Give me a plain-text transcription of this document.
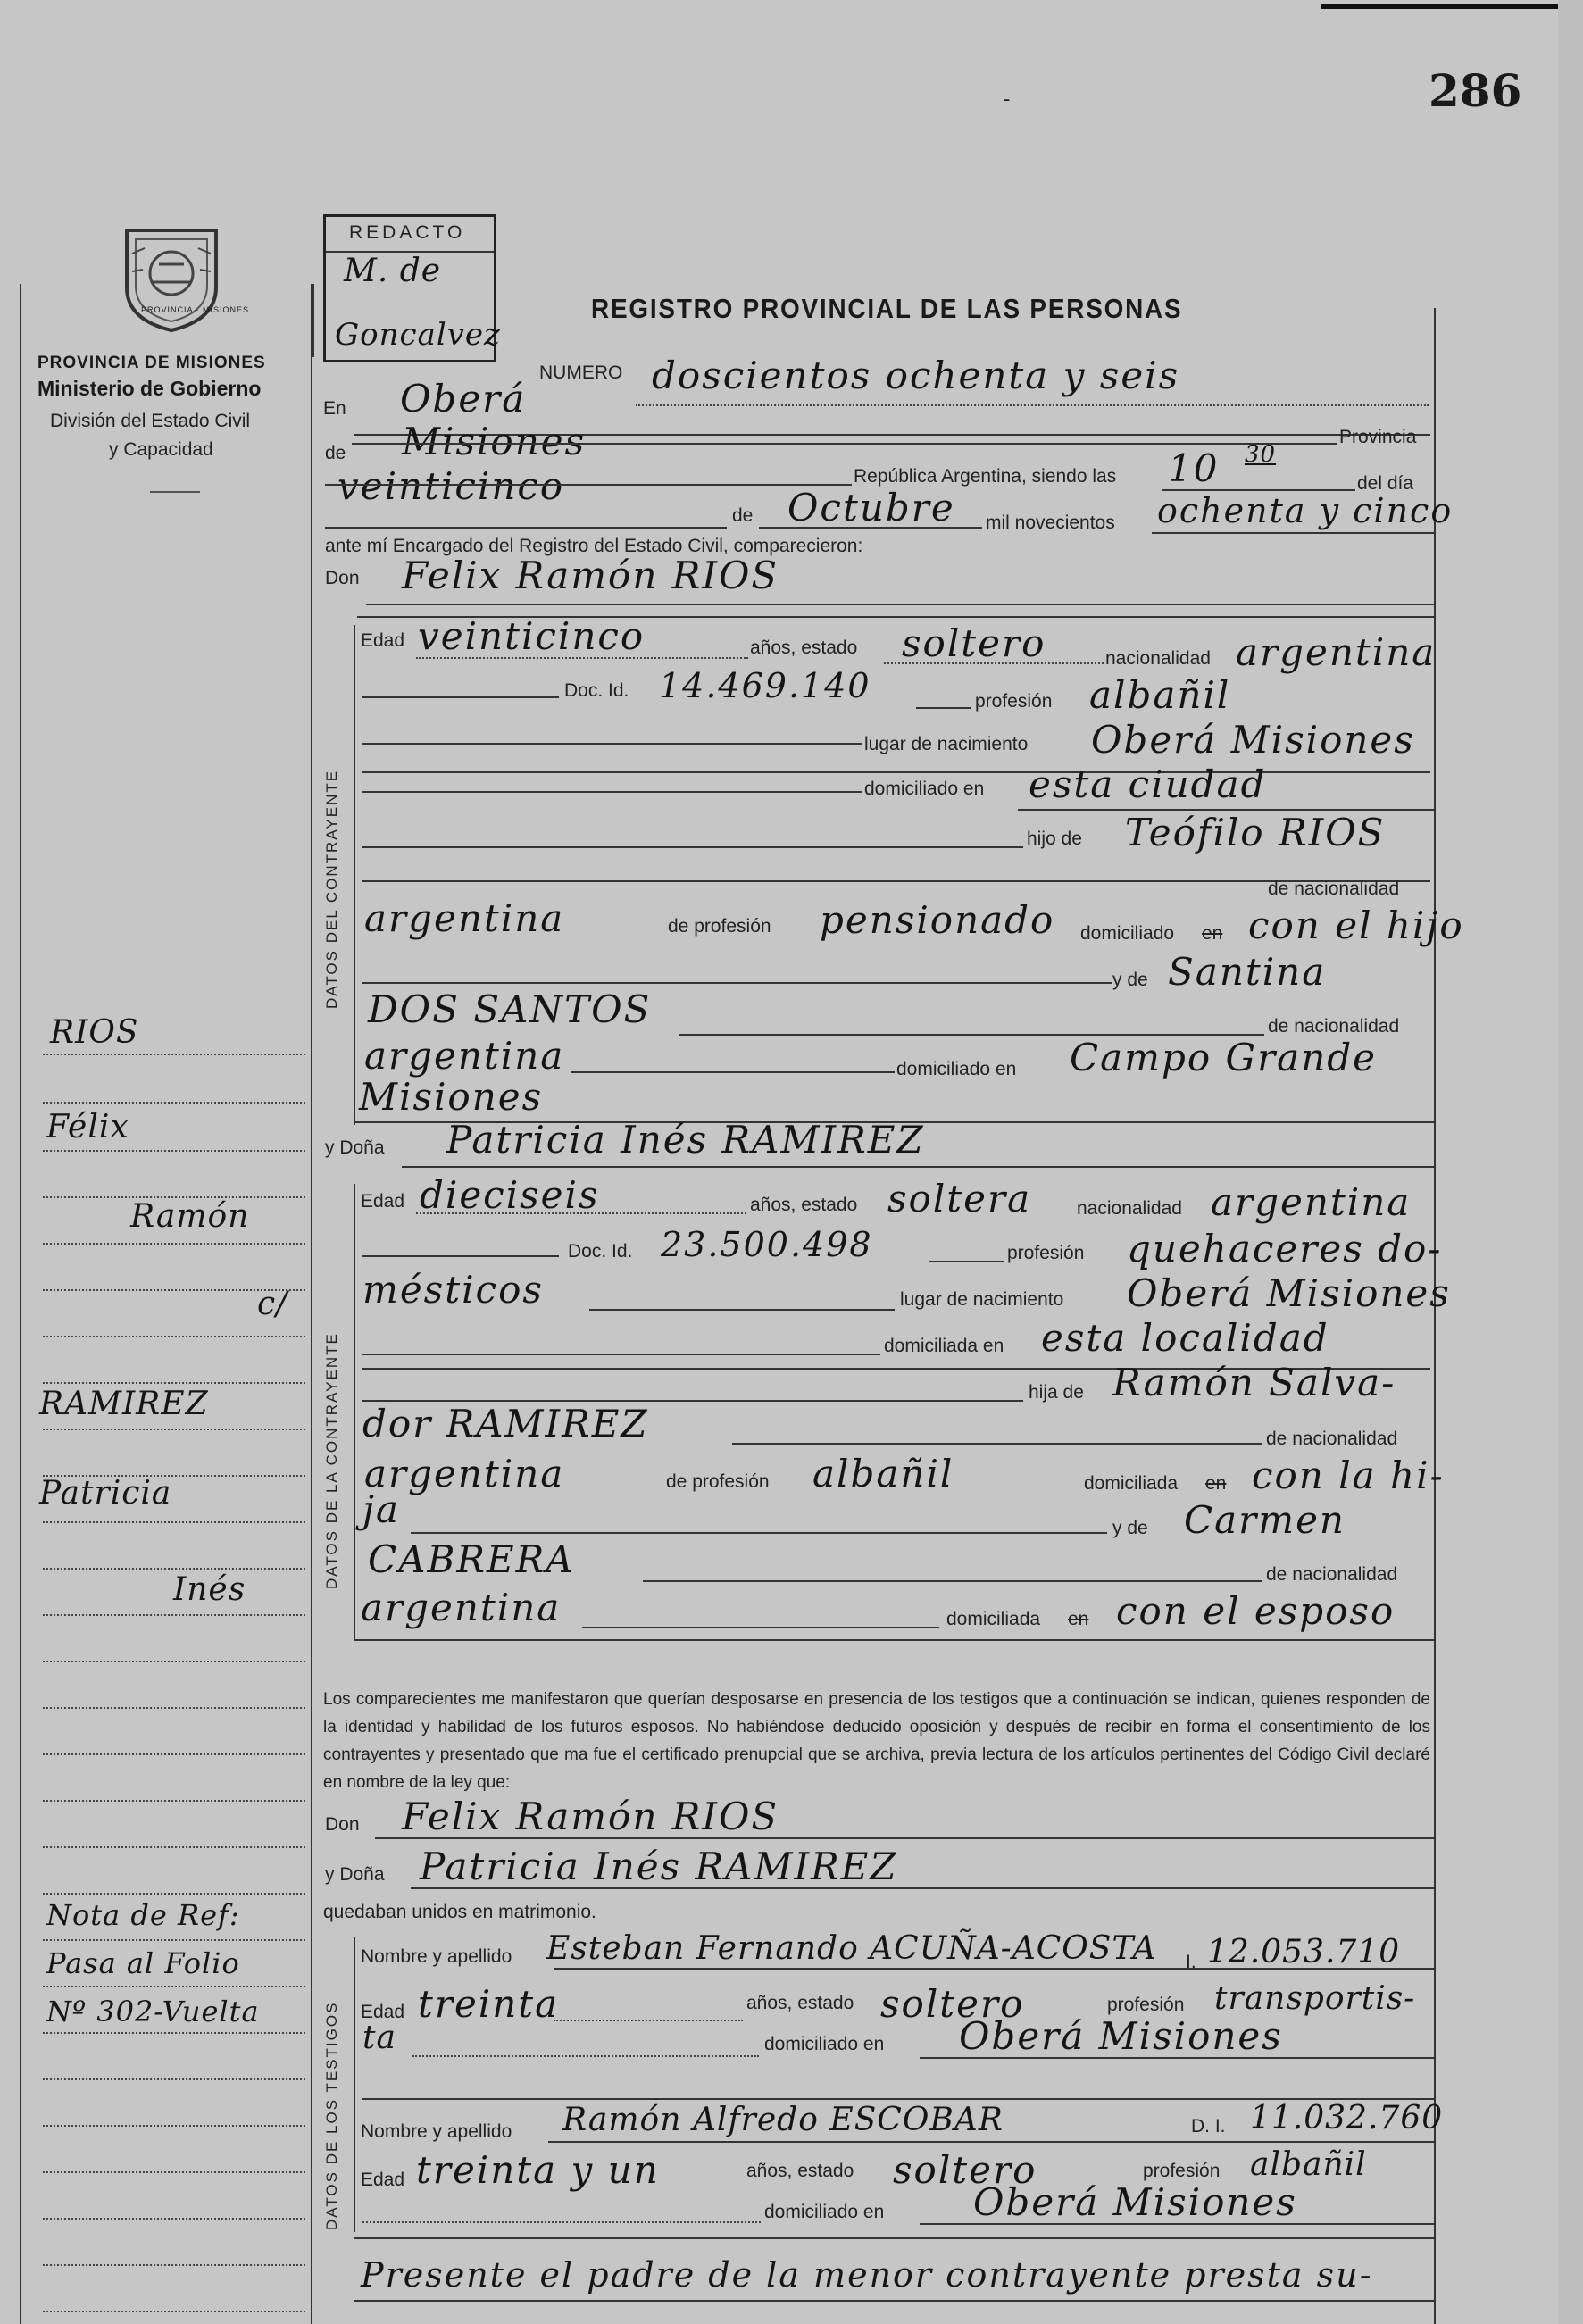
-	286
PROVINCIA · MISIONES
PROVINCIA DE MISIONES
Ministerio de Gobierno
División del Estado Civil
y Capacidad
REDACTO
M. de
Goncalvez
REGISTRO PROVINCIAL DE LAS PERSONAS
NUMERO doscientos ochenta y seis
En Oberá
de Misiones	Provincia
veinticinco	República Argentina, siendo las 10 30
del día
de Octubre mil novecientos ochenta y cinco
ante mí Encargado del Registro del Estado Civil, comparecieron:
Don Felix Ramón RIOS
DATOS DEL CONTRAYENTE
Edad veinticinco	años, estado soltero	nacionalidad argentina
Doc. Id. 14.469.140	profesión albañil
lugar de nacimiento Oberá Misiones
domiciliado en esta ciudad
hijo de Teófilo RIOS
de nacionalidad
argentina	de profesión pensionado domiciliado en con el hijo
y de Santina
DOS SANTOS	de nacionalidad
argentina	domiciliado en Campo Grande
Misiones
y Doña Patricia Inés RAMIREZ
DATOS DE LA CONTRAYENTE
Edad dieciseis	años, estado soltera nacionalidad argentina
Doc. Id. 23.500.498	profesión quehaceres do-
mésticos	lugar de nacimiento Oberá Misiones
domiciliada en esta localidad
hija de Ramón Salva-
dor RAMIREZ	de nacionalidad
argentina	de profesión albañil	domiciliada en con la hi-
ja	y de Carmen
CABRERA	de nacionalidad
argentina	domiciliada en con el esposo
Los comparecientes me manifestaron que querían desposarse en presencia de los testigos que a continuación se indican, quienes responden de la identidad y habilidad de los futuros esposos. No habiéndose deducido oposición y después de recibir en forma el consentimiento de los contrayentes y presentado que ma fue el certificado prenupcial que se archiva, previa lectura de los artículos pertinentes del Código Civil declaré en nombre de la ley que:
Don Felix Ramón RIOS
y Doña Patricia Inés RAMIREZ
quedaban unidos en matrimonio.
DATOS DE LOS TESTIGOS
Nombre y apellido Esteban Fernando ACUÑA-ACOSTA I. 12.053.710
Edad treinta	años, estado soltero	profesión transportis-
ta	domiciliado en Oberá Misiones
Nombre y apellido Ramón Alfredo ESCOBAR	D. I. 11.032.760
Edad treinta y un	años, estado soltero	profesión albañil
domiciliado en Oberá Misiones
Presente el padre de la menor contrayente presta su-
RIOS
Félix
Ramón
c/
RAMIREZ
Patricia
Inés
Nota de Ref:
Pasa al Folio
Nº 302-Vuelta
